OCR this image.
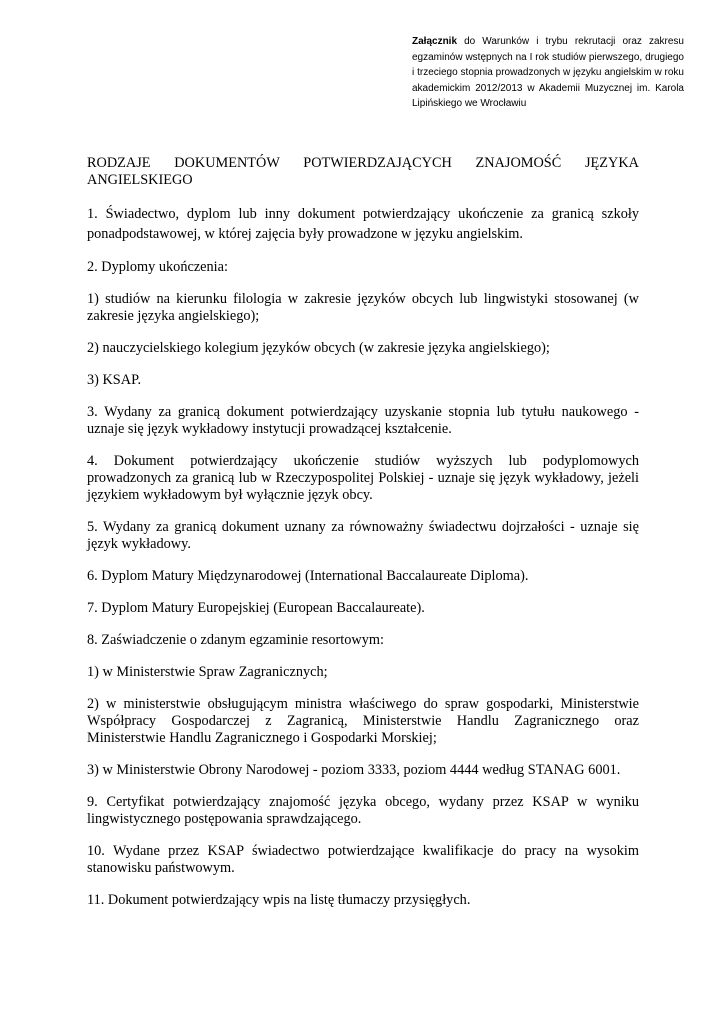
Załącznik do Warunków i trybu rekrutacji oraz zakresu egzaminów wstępnych na I rok studiów pierwszego, drugiego i trzeciego stopnia prowadzonych w języku angielskim w roku akademickim 2012/2013 w Akademii Muzycznej im. Karola Lipińskiego we Wrocławiu
RODZAJE DOKUMENTÓW POTWIERDZAJĄCYCH ZNAJOMOŚĆ JĘZYKA
ANGIELSKIEGO
1. Świadectwo, dyplom lub inny dokument potwierdzający ukończenie za granicą szkoły ponadpodstawowej, w której zajęcia były prowadzone w języku angielskim.
2. Dyplomy ukończenia:
1) studiów na kierunku filologia w zakresie języków obcych lub lingwistyki stosowanej (w zakresie języka angielskiego);
2) nauczycielskiego kolegium języków obcych (w zakresie języka angielskiego);
3) KSAP.
3. Wydany za granicą dokument potwierdzający uzyskanie stopnia lub tytułu naukowego - uznaje się język wykładowy instytucji prowadzącej kształcenie.
4. Dokument potwierdzający ukończenie studiów wyższych lub podyplomowych prowadzonych za granicą lub w Rzeczypospolitej Polskiej - uznaje się język wykładowy, jeżeli językiem wykładowym był wyłącznie język obcy.
5. Wydany za granicą dokument uznany za równoważny świadectwu dojrzałości - uznaje się język wykładowy.
6. Dyplom Matury Międzynarodowej (International Baccalaureate Diploma).
7. Dyplom Matury Europejskiej (European Baccalaureate).
8. Zaświadczenie o zdanym egzaminie resortowym:
1) w Ministerstwie Spraw Zagranicznych;
2) w ministerstwie obsługującym ministra właściwego do spraw gospodarki, Ministerstwie Współpracy Gospodarczej z Zagranicą, Ministerstwie Handlu Zagranicznego oraz Ministerstwie Handlu Zagranicznego i Gospodarki Morskiej;
3) w Ministerstwie Obrony Narodowej - poziom 3333, poziom 4444 według STANAG 6001.
9. Certyfikat potwierdzający znajomość języka obcego, wydany przez KSAP w wyniku lingwistycznego postępowania sprawdzającego.
10. Wydane przez KSAP świadectwo potwierdzające kwalifikacje do pracy na wysokim stanowisku państwowym.
11. Dokument potwierdzający wpis na listę tłumaczy przysięgłych.
